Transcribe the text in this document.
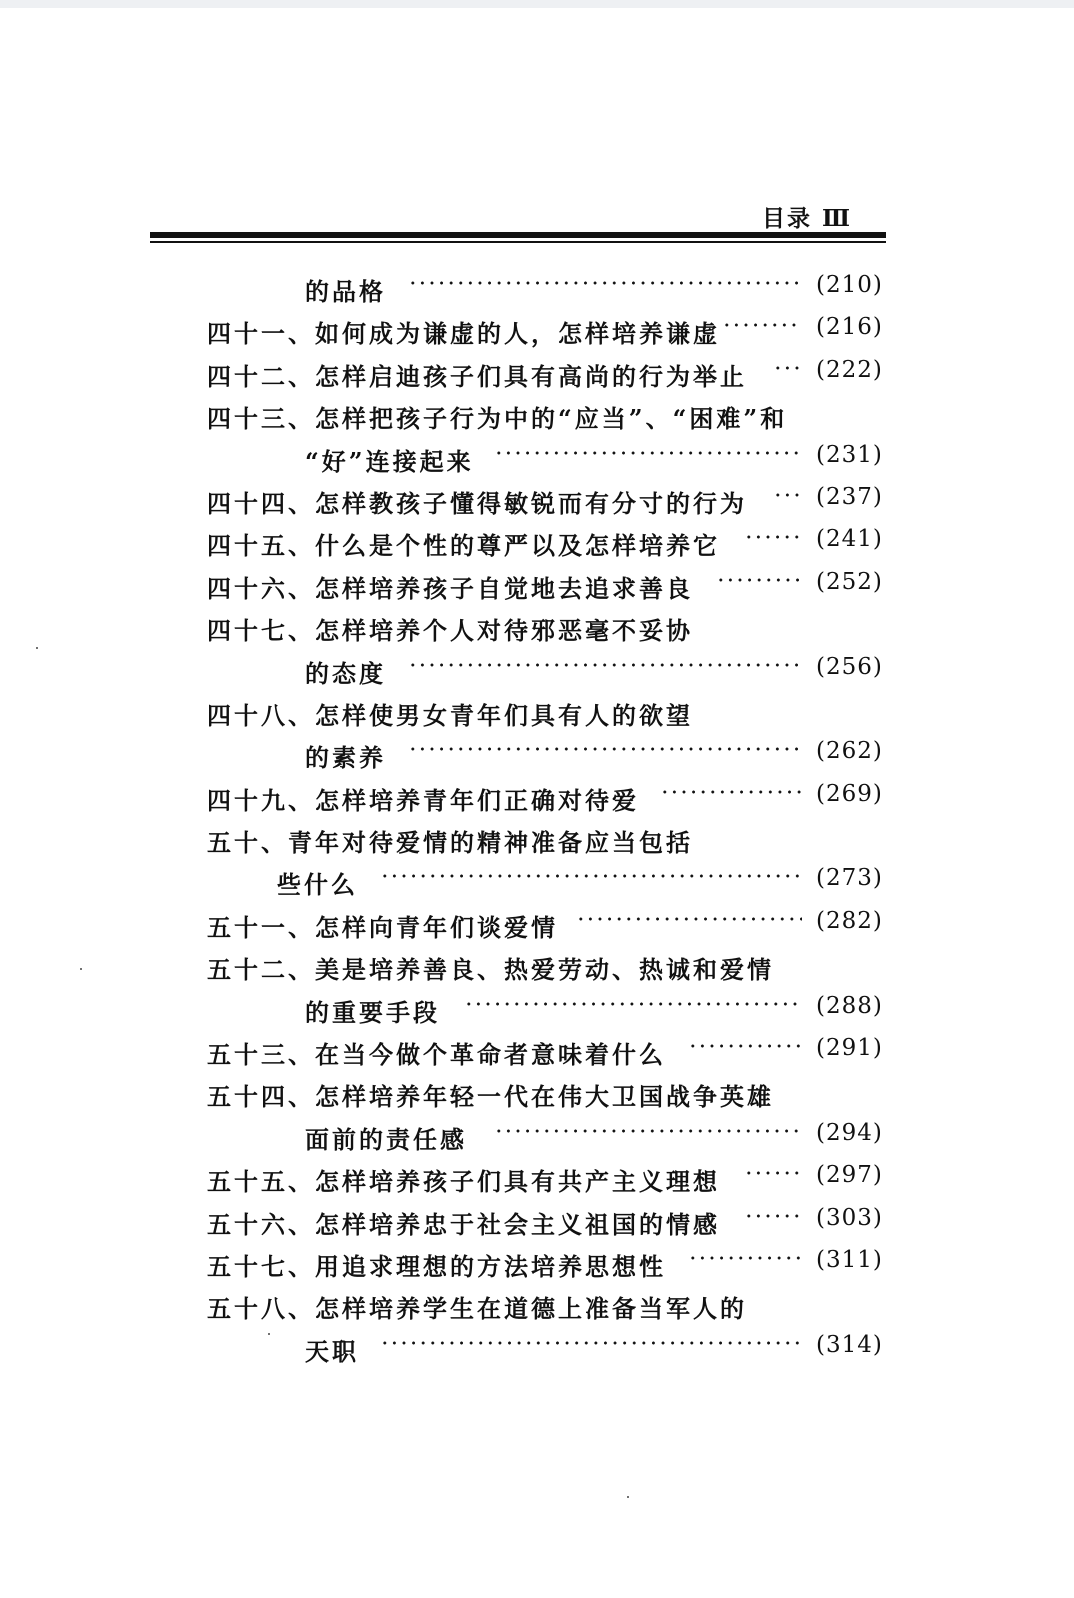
目录 Ⅲ
的品格	(210)
四十一、如何成为谦虚的人，怎样培养谦虚	(216)
四十二、怎样启迪孩子们具有高尚的行为举止	(222)
四十三、怎样把孩子行为中的“应当”、“困难”和
“好”连接起来	(231)
四十四、怎样教孩子懂得敏锐而有分寸的行为	(237)
四十五、什么是个性的尊严以及怎样培养它	(241)
四十六、怎样培养孩子自觉地去追求善良	(252)
四十七、怎样培养个人对待邪恶毫不妥协
的态度	(256)
四十八、怎样使男女青年们具有人的欲望
的素养	(262)
四十九、怎样培养青年们正确对待爱	(269)
五十、青年对待爱情的精神准备应当包括
些什么	(273)
五十一、怎样向青年们谈爱情	(282)
五十二、美是培养善良、热爱劳动、热诚和爱情
的重要手段	(288)
五十三、在当今做个革命者意味着什么	(291)
五十四、怎样培养年轻一代在伟大卫国战争英雄
面前的责任感	(294)
五十五、怎样培养孩子们具有共产主义理想	(297)
五十六、怎样培养忠于社会主义祖国的情感	(303)
五十七、用追求理想的方法培养思想性	(311)
五十八、怎样培养学生在道德上准备当军人的
天职	(314)
